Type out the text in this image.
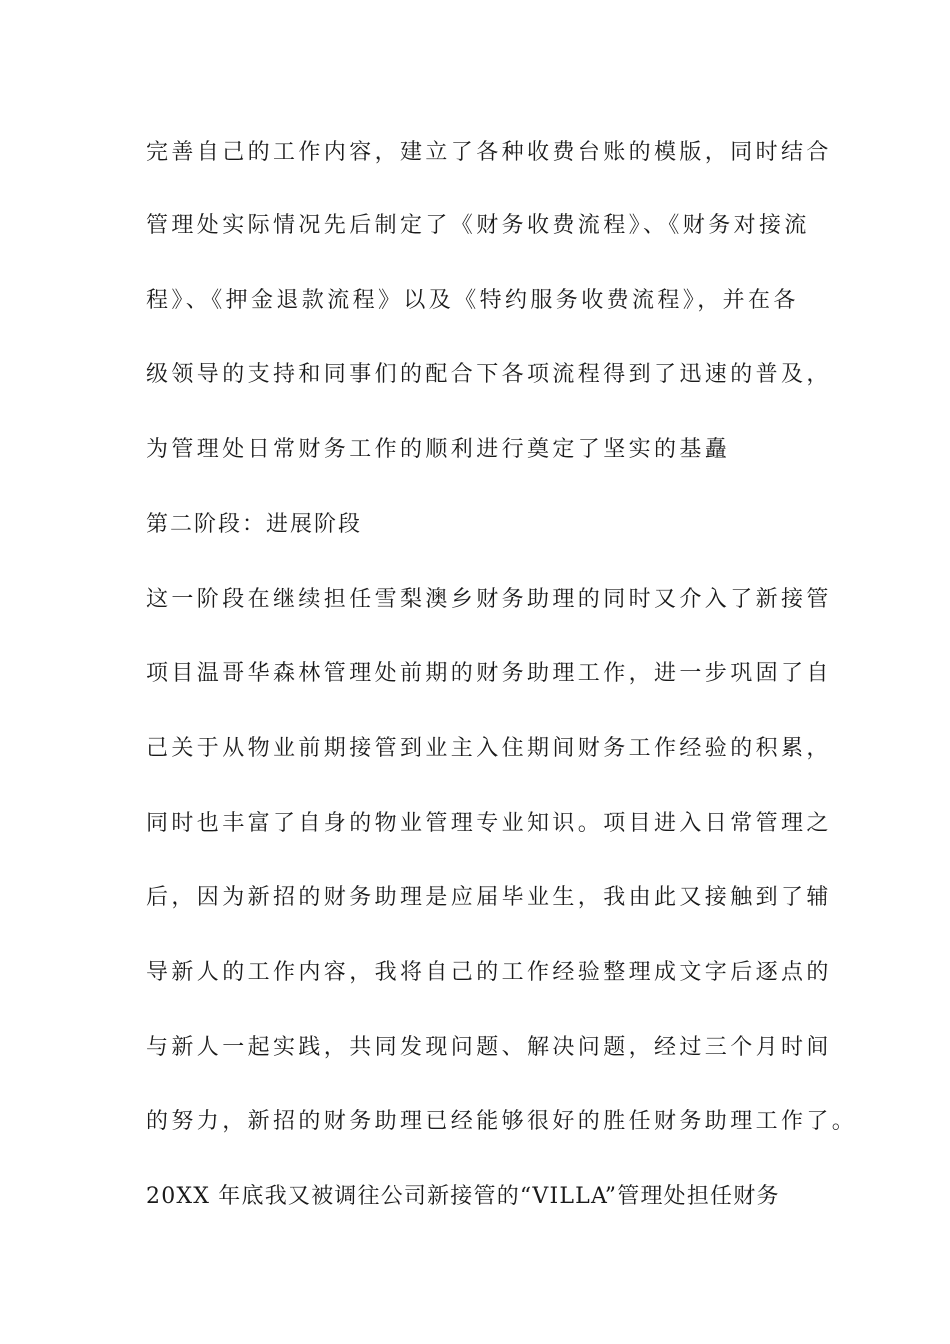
完善自己的工作内容，建立了各种收费台账的模版，同时结合
管理处实际情况先后制定了《财务收费流程》、《财务对接流
程》、《押金退款流程》以及《特约服务收费流程》，并在各
级领导的支持和同事们的配合下各项流程得到了迅速的普及，
为管理处日常财务工作的顺利进行奠定了坚实的基矗
第二阶段：进展阶段
这一阶段在继续担任雪梨澳乡财务助理的同时又介入了新接管
项目温哥华森林管理处前期的财务助理工作，进一步巩固了自
己关于从物业前期接管到业主入住期间财务工作经验的积累，
同时也丰富了自身的物业管理专业知识。项目进入日常管理之
后，因为新招的财务助理是应届毕业生，我由此又接触到了辅
导新人的工作内容，我将自己的工作经验整理成文字后逐点的
与新人一起实践，共同发现问题、解决问题，经过三个月时间
的努力，新招的财务助理已经能够很好的胜任财务助理工作了。
20XX 年底我又被调往公司新接管的“VILLA”管理处担任财务
